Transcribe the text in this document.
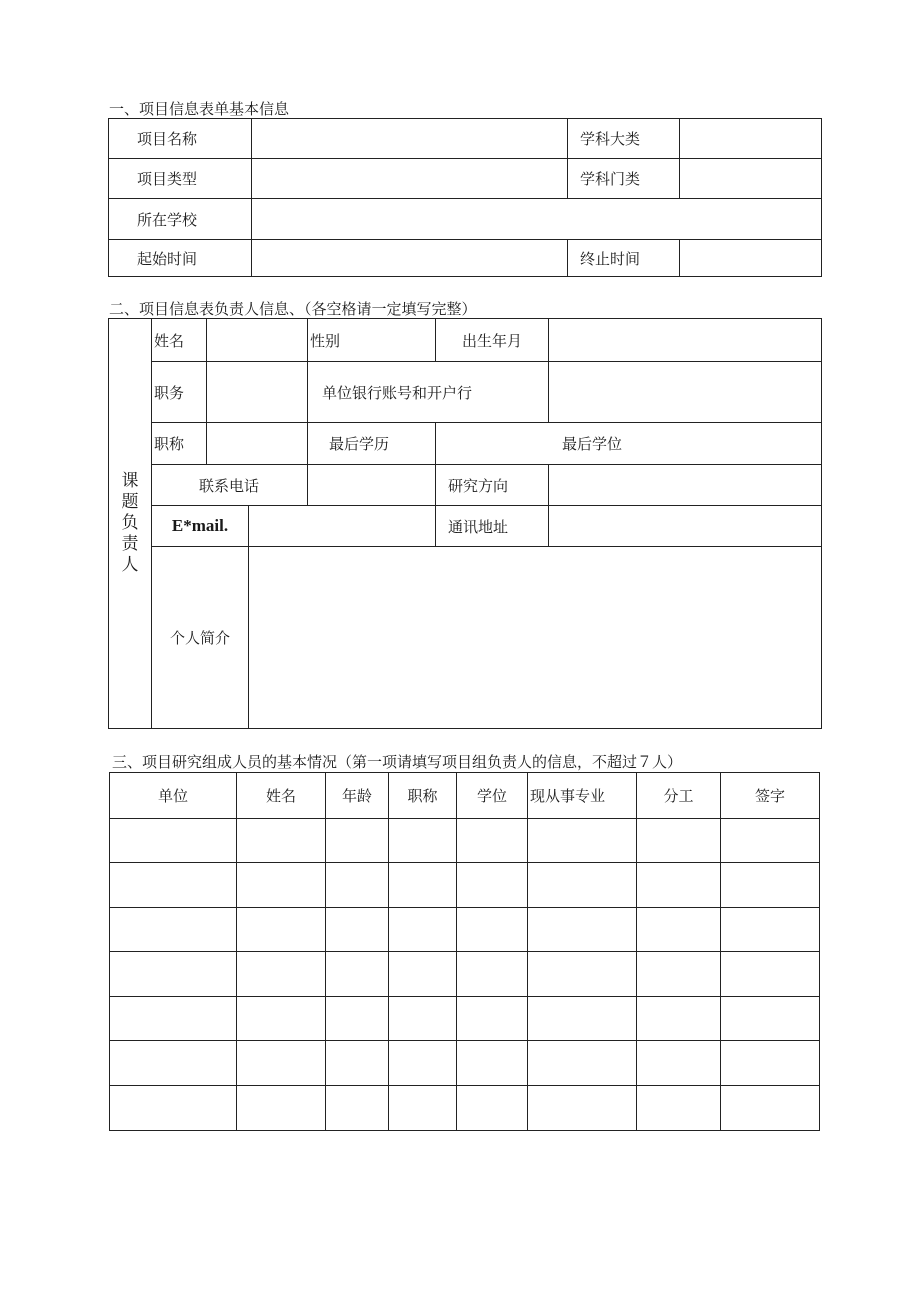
一、项目信息表单基本信息
项目名称		学科大类	
项目类型		学科门类	
所在学校			
起始时间		终止时间	
二、项目信息表负责人信息、（各空格请一定填写完整）
课
题
负
责
人	姓名			性别	出生年月	
	职务			单位银行账号和开户行		
	职称			最后学历	最后学位	
	联系电话				研究方向	
	E*mail.				通讯地址	
	个人简介					
三、项目研究组成人员的基本情况（第一项请填写项目组负责人的信息，不超过７人）
单位	姓名	年龄	职称	学位	现从事专业	分工	签字
